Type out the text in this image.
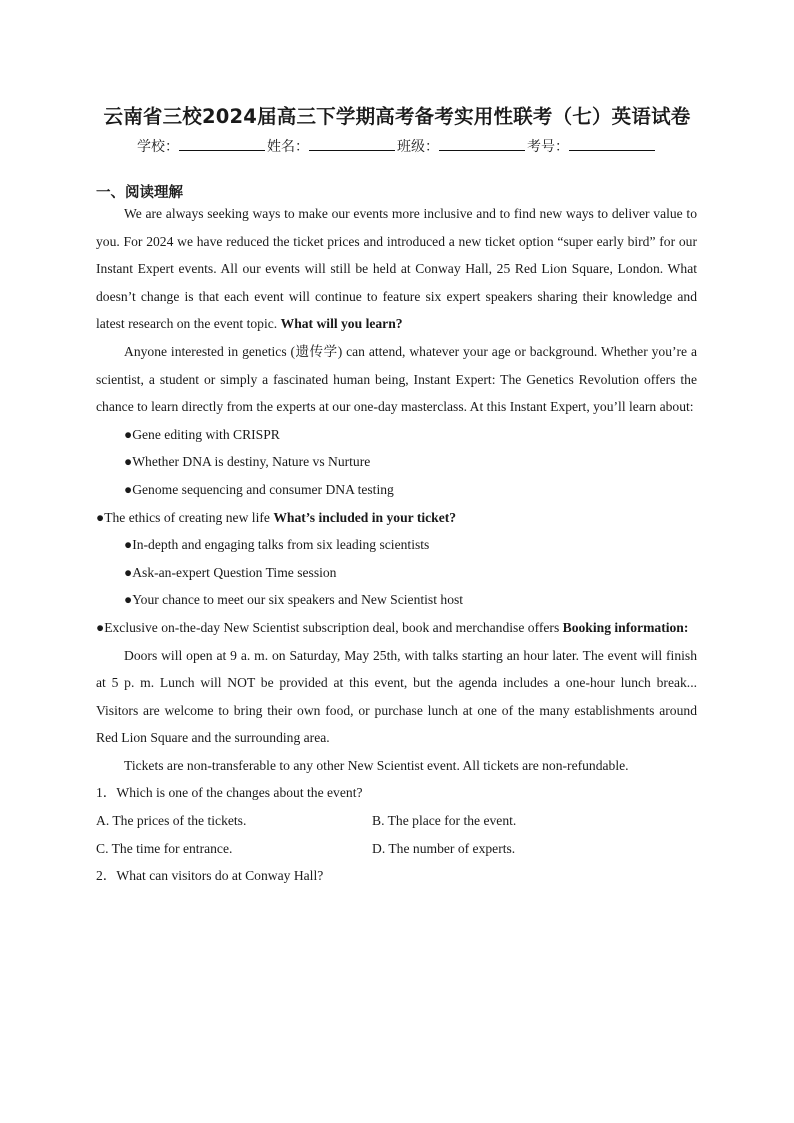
云南省三校2024届高三下学期高考备考实用性联考（七）英语试卷
学校：	姓名：	班级：	考号：
一、阅读理解

We are always seeking ways to make our events more inclusive and to find new ways to deliver value to you. For 2024 we have reduced the ticket prices and introduced a new ticket option “super early bird” for our Instant Expert events. All our events will still be held at Conway Hall, 25 Red Lion Square, London. What doesn’t change is that each event will continue to feature six expert speakers sharing their knowledge and latest research on the event topic. What will you learn?

Anyone interested in genetics (遗传学) can attend, whatever your age or background. Whether you’re a scientist, a student or simply a fascinated human being, Instant Expert: The Genetics Revolution offers the chance to learn directly from the experts at our one-day masterclass. At this Instant Expert, you’ll learn about:

●Gene editing with CRISPR

●Whether DNA is destiny, Nature vs Nurture

●Genome sequencing and consumer DNA testing

●The ethics of creating new life What’s included in your ticket?

●In-depth and engaging talks from six leading scientists

●Ask-an-expert Question Time session

●Your chance to meet our six speakers and New Scientist host

●Exclusive on-the-day New Scientist subscription deal, book and merchandise offers Booking information:

Doors will open at 9 a. m. on Saturday, May 25th, with talks starting an hour later. The event will finish at 5 p. m. Lunch will NOT be provided at this event, but the agenda includes a one-hour lunch break... Visitors are welcome to bring their own food, or purchase lunch at one of the many establishments around Red Lion Square and the surrounding area.

Tickets are non-transferable to any other New Scientist event. All tickets are non-refundable.

1．Which is one of the changes about the event?

A. The prices of the tickets.	B. The place for the event.
C. The time for entrance.	D. The number of experts.

2．What can visitors do at Conway Hall?
